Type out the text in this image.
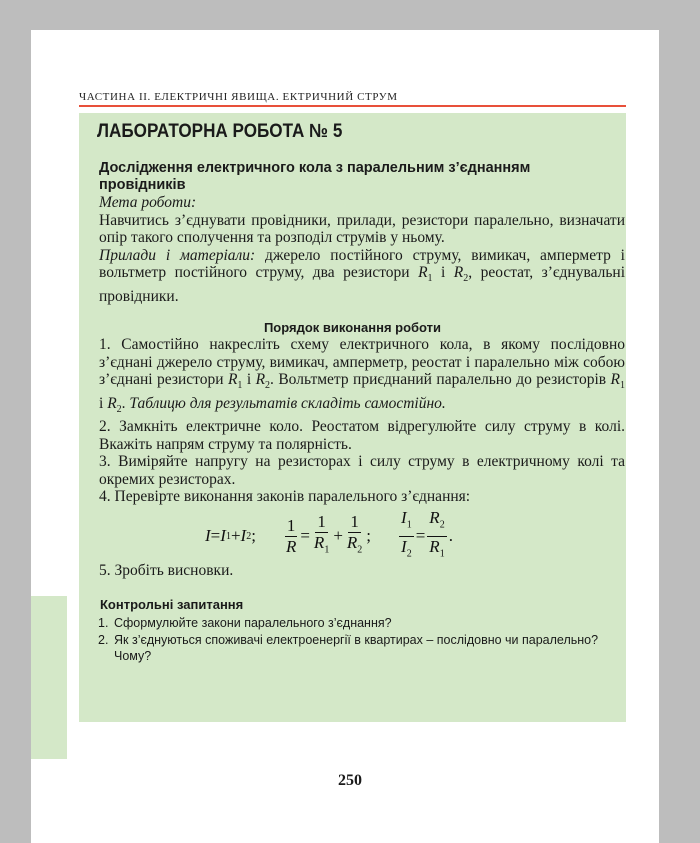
ЧАСТИНА ІІ. ЕЛЕКТРИЧНІ ЯВИЩА. ЕКТРИЧНИЙ СТРУМ
ЛАБОРАТОРНА РОБОТА № 5
Дослідження електричного кола з паралельним з’єднанням провідників

Мета роботи:

Навчитись з’єднувати провідники, прилади, резистори паралельно, визначати опір такого сполучення та розподіл струмів у ньому.

Прилади і матеріали: джерело постійного струму, вимикач, амперметр і вольтметр постійного струму, два резистори $R_1$ і $R_2$, реостат, з’єднувальні провідники.

Порядок виконання роботи

1. Самостійно накресліть схему електричного кола, в якому послідовно з’єднані джерело струму, вимикач, амперметр, реостат і паралельно між собою з’єднані резистори $R_1$ і $R_2$. Вольтметр приєднаний паралельно до резисторів $R_1$ і $R_2$. Таблицю для результатів складіть самостійно.

2. Замкніть електричне коло. Реостатом відрегулюйте силу струму в колі. Вкажіть напрям струму та полярність.

3. Виміряйте напругу на резисторах і силу струму в електричному колі та окремих резисторах.

4. Перевірте виконання законів паралельного з’єднання:

I = I 1 + I 2 ; $\frac{1}{R} = \frac{1}{R_1} + \frac{1}{R_2}$ ; $\frac{I_1}{I_2} = \frac{R_2}{R_1}$ .

5. Зробіть висновки.

Контрольні запитання
1. Сформулюйте закони паралельного з’єднання?
2. Як з’єднуються споживачі електроенергії в квартирах – послідовно чи паралельно? Чому?
250
